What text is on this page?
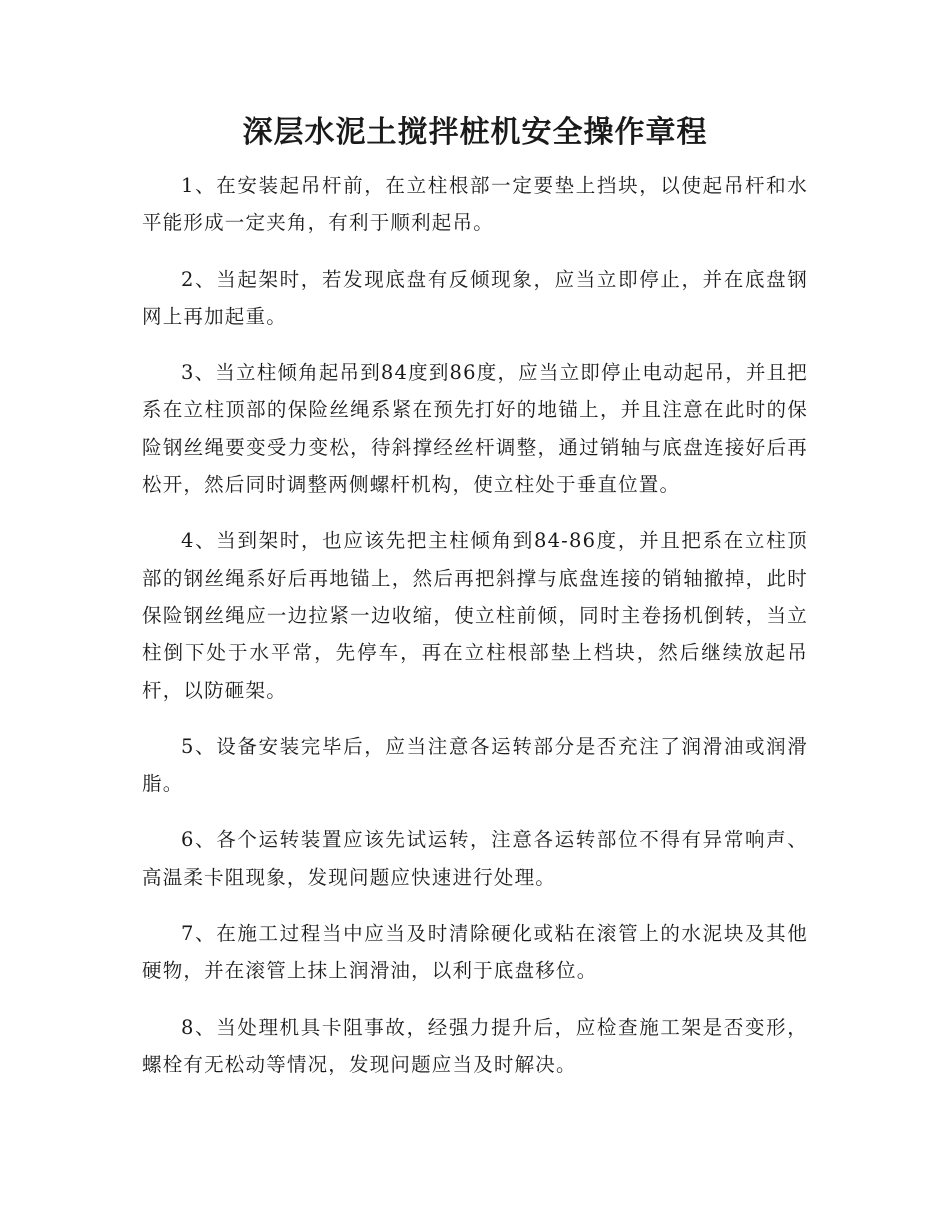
深层水泥土搅拌桩机安全操作章程

1、在安装起吊杆前，在立柱根部一定要垫上挡块，以使起吊杆和水平能形成一定夹角，有利于顺利起吊。

2、当起架时，若发现底盘有反倾现象，应当立即停止，并在底盘钢网上再加起重。

3、当立柱倾角起吊到84度到86度，应当立即停止电动起吊，并且把系在立柱顶部的保险丝绳系紧在预先打好的地锚上，并且注意在此时的保险钢丝绳要变受力变松，待斜撑经丝杆调整，通过销轴与底盘连接好后再松开，然后同时调整两侧螺杆机构，使立柱处于垂直位置。

4、当到架时，也应该先把主柱倾角到84-86度，并且把系在立柱顶部的钢丝绳系好后再地锚上，然后再把斜撑与底盘连接的销轴撤掉，此时保险钢丝绳应一边拉紧一边收缩，使立柱前倾，同时主卷扬机倒转，当立柱倒下处于水平常，先停车，再在立柱根部垫上档块，然后继续放起吊杆，以防砸架。

5、设备安装完毕后，应当注意各运转部分是否充注了润滑油或润滑脂。

6、各个运转装置应该先试运转，注意各运转部位不得有异常响声、高温柔卡阻现象，发现问题应快速进行处理。

7、在施工过程当中应当及时清除硬化或粘在滚管上的水泥块及其他硬物，并在滚管上抹上润滑油，以利于底盘移位。

8、当处理机具卡阻事故，经强力提升后，应检查施工架是否变形，螺栓有无松动等情况，发现问题应当及时解决。
